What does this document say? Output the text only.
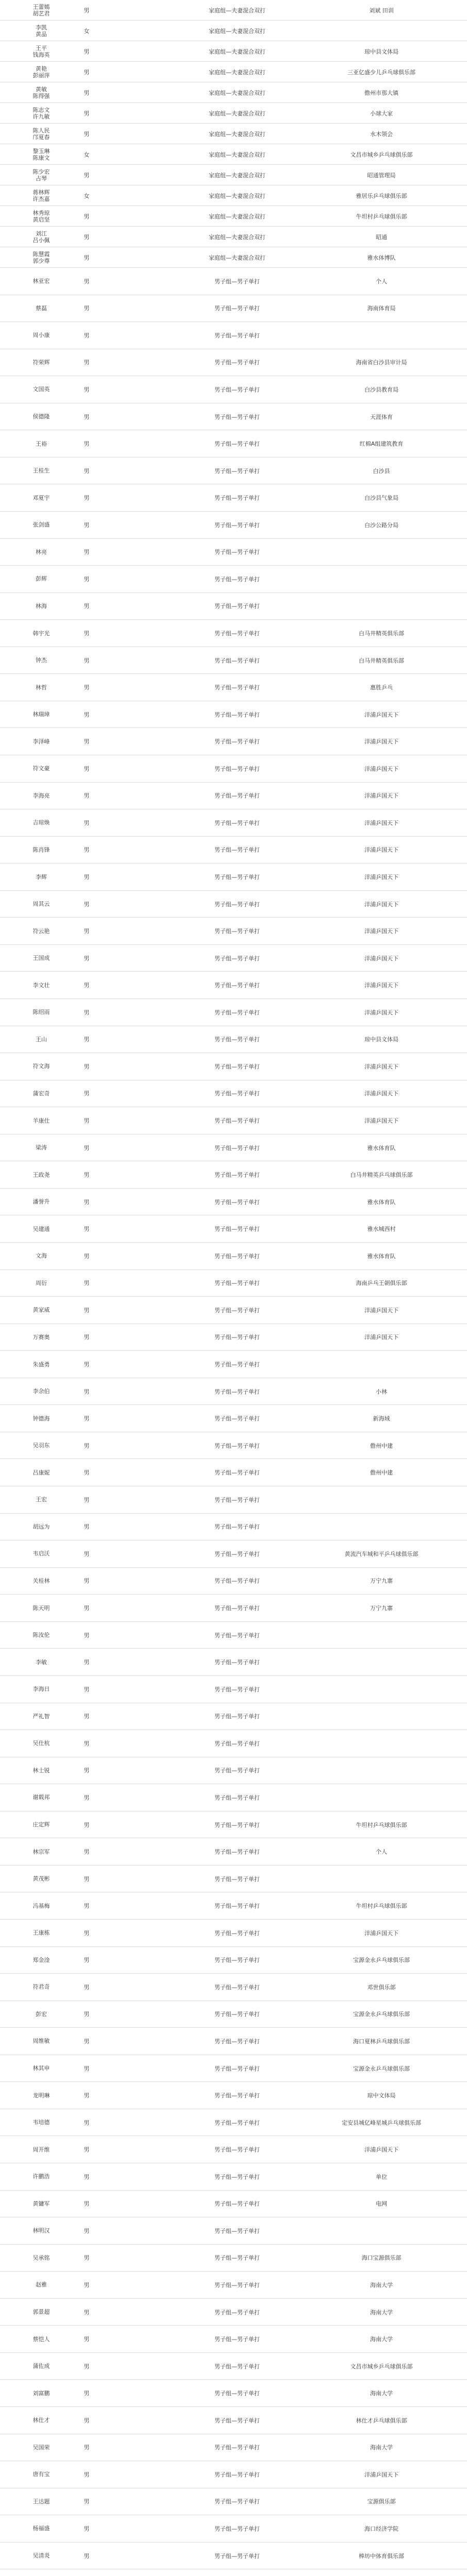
王蕾嫣
胡艺君	男	家庭组—夫妻混合双打	刘斌 田训
李凯
黄品	女	家庭组—夫妻混合双打
王平
钱海英	男	家庭组—夫妻混合双打	琼中县文体局
黄艳
彭丽萍	男	家庭组—夫妻混合双打	三亚亿盛少儿乒乓球俱乐部
黄敏
陈得强	男	家庭组—夫妻混合双打	儋州市那大镇
陈志文
许九敏	男	家庭组—夫妻混合双打	小球大家
陈人民
邝夏春	男	家庭组—夫妻混合双打	水木领会
黎玉琳
陈康文	女	家庭组—夫妻混合双打	文昌市城乡乒乓球俱乐部
陈少宏
占琴	男	家庭组—夫妻混合双打	昭通管理局
蒋林辉
许杰嘉	女	家庭组—夫妻混合双打	雅居乐乒乓球俱乐部
林秀琼
黄启坚	男	家庭组—夫妻混合双打	牛坦村乒乓球俱乐部
刘江
吕小佩	男	家庭组—夫妻混合双打	昭通
陈慧霞
郭少尊	男	家庭组—夫妻混合双打	雅水体博队
林亚宏	男	男子组—男子单打	个人
蔡磊	男	男子组—男子单打	海南体育局
周小康	男	男子组—男子单打
符荣辉	男	男子组—男子单打	海南省白沙县审计局
文国英	男	男子组—男子单打	白沙县教育局
侯德隆	男	男子组—男子单打	天涯体育
王裕	男	男子组—男子单打	红棉A组建筑教育
王桂生	男	男子组—男子单打	白沙县
邓夏宇	男	男子组—男子单打	白沙县气象局
张剑盛	男	男子组—男子单打	白沙公路分局
林亮	男	男子组—男子单打
彭辉	男	男子组—男子单打
林海	男	男子组—男子单打
韩宇光	男	男子组—男子单打	白马井精英俱乐部
钟杰	男	男子组—男子单打	白马井精英俱乐部
林哲	男	男子组—男子单打	惠胜乒乓
林瑞璋	男	男子组—男子单打	洋浦乒国天下
李泽峰	男	男子组—男子单打	洋浦乒国天下
符文豪	男	男子组—男子单打	洋浦乒国天下
李海亮	男	男子组—男子单打	洋浦乒国天下
吉琼焕	男	男子组—男子单打	洋浦乒国天下
陈肖锋	男	男子组—男子单打	洋浦乒国天下
李辉	男	男子组—男子单打	洋浦乒国天下
周其云	男	男子组—男子单打	洋浦乒国天下
符云艳	男	男子组—男子单打	洋浦乒国天下
王国成	男	男子组—男子单打	洋浦乒国天下
李文壮	男	男子组—男子单打	洋浦乒国天下
陈绍雨	男	男子组—男子单打	洋浦乒国天下
王山	男	男子组—男子单打	琼中县文体局
符文海	男	男子组—男子单打	洋浦乒国天下
蒲宏奇	男	男子组—男子单打	洋浦乒国天下
羊康仕	男	男子组—男子单打	洋浦乒国天下
梁涛	男	男子组—男子单打	雅水体育队
王政尧	男	男子组—男子单打	白马井精英乒乓球俱乐部
潘誉升	男	男子组—男子单打	雅水体育队
吴建通	男	男子组—男子单打	雅水城西村
文海	男	男子组—男子单打	雅水体育队
周衍	男	男子组—男子单打	海南乒乓王朝俱乐部
黄家威	男	男子组—男子单打	洋浦乒国天下
万赛奥	男	男子组—男子单打	洋浦乒国天下
朱盛勇	男	男子组—男子单打
李余伯	男	男子组—男子单打	小林
钟德海	男	男子组—男子单打	新海域
吴羽东	男	男子组—男子单打	儋州中建
吕康妮	男	男子组—男子单打	儋州中建
王宏	男	男子组—男子单打
胡远为	男	男子组—男子单打
韦启沃	男	男子组—男子单打	黄流汽车城和平乒乓球俱乐部
关桂林	男	男子组—男子单打	万宁九寨
陈天明	男	男子组—男子单打	万宁九寨
陈汝伦	男	男子组—男子单打
李敏	男	男子组—男子单打
李海日	男	男子组—男子单打
严礼智	男	男子组—男子单打
吴仕杭	男	男子组—男子单打
林士锐	男	男子组—男子单打
谢载邦	男	男子组—男子单打
庄定辉	男	男子组—男子单打	牛坦村乒乓球俱乐部
林宗军	男	男子组—男子单打	个人
黄茂彬	男	男子组—男子单打
冯基梅	男	男子组—男子单打	牛坦村乒乓球俱乐部
王康栋	男	男子组—男子单打	洋浦乒国天下
郑金淦	男	男子组—男子单打	宝源金永乒乓球俱乐部
符君奇	男	男子组—男子单打	邓世俱乐部
彭宏	男	男子组—男子单打	宝源金永乒乓球俱乐部
周维敏	男	男子组—男子单打	海口夏林乒乓球俱乐部
林其申	男	男子组—男子单打	宝源金永乒乓球俱乐部
龙明琳	男	男子组—男子单打	琼中文体局
韦培德	男	男子组—男子单打	定安县城亿峰星城乒乓球俱乐部
周开维	男	男子组—男子单打	洋浦乒国天下
许鹏浩	男	男子组—男子单打	单位
黄镛军	男	男子组—男子单打	电网
林明汉	男	男子组—男子单打
吴承铭	男	男子组—男子单打	海口宝源俱乐部
赵雅	男	男子组—男子单打	海南大学
郭景超	男	男子组—男子单打	海南大学
蔡恺人	男	男子组—男子单打	海南大学
蒲佐成	男	男子组—男子单打	文昌市城乡乒乓球俱乐部
刘富鹏	男	男子组—男子单打	海南大学
林仕才	男	男子组—男子单打	林仕才乒乓球俱乐部
吴国荣	男	男子组—男子单打	海南大学
唐有宝	男	男子组—男子单打	洋浦乒国天下
王达题	男	男子组—男子单打	宝源俱乐部
杨福盛	男	男子组—男子单打	海口经济学院
吴清炎	男	男子组—男子单打	棒坊中体育俱乐部
